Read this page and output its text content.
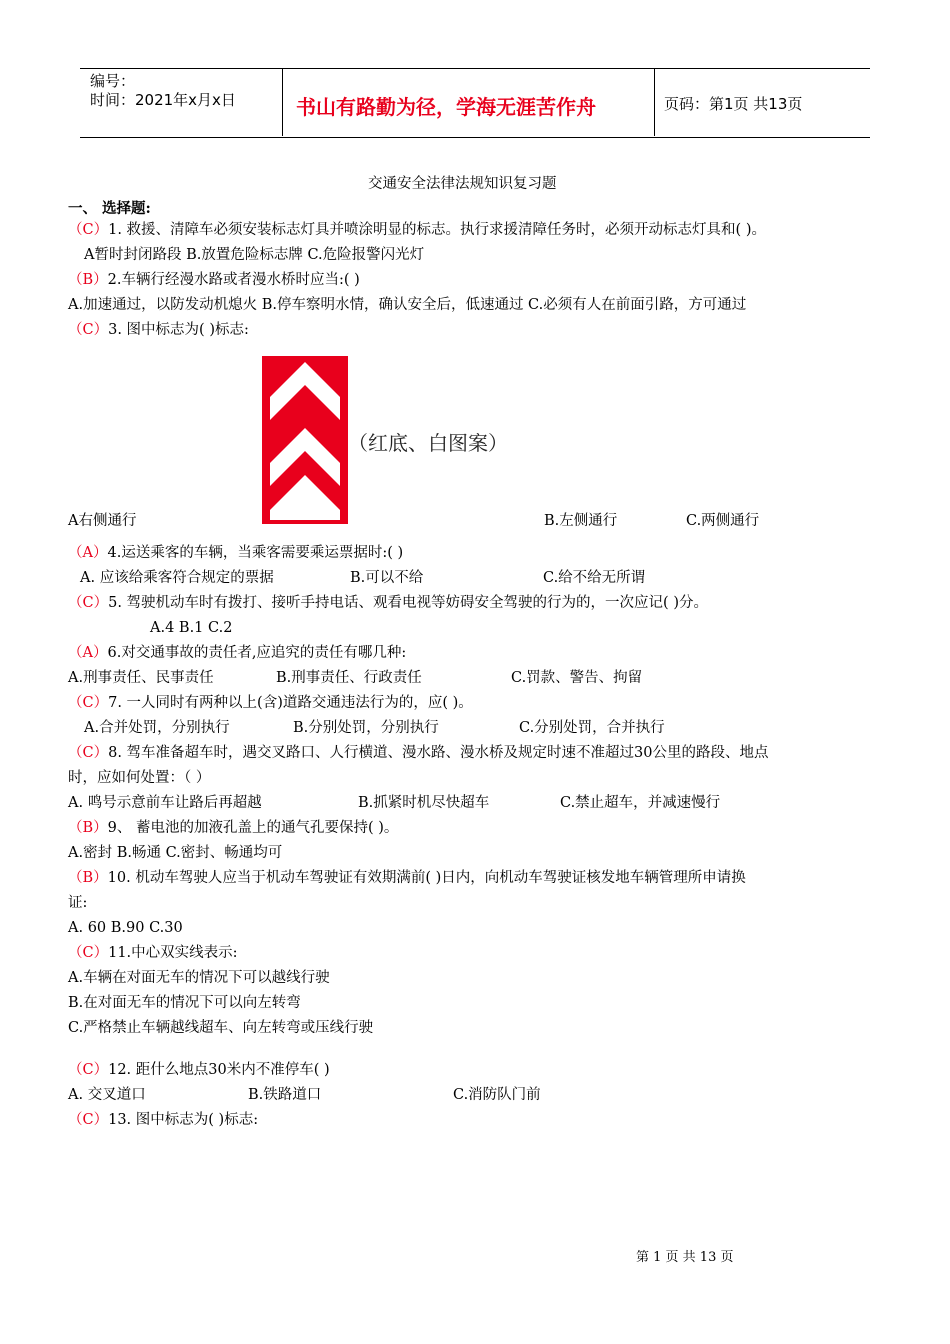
编号：
时间：2021年x月x日	书山有路勤为径，学海无涯苦作舟	页码：第1页 共13页
交通安全法律法规知识复习题
一、 选择题:
（C）1. 救援、清障车必须安装标志灯具并喷涂明显的标志。执行求援清障任务时，必须开动标志灯具和( )。
A暂时封闭路段 B.放置危险标志牌 C.危险报警闪光灯
（B）2.车辆行经漫水路或者漫水桥时应当:( )
A.加速通过，以防发动机熄火 B.停车察明水情，确认安全后，低速通过 C.必须有人在前面引路，方可通过
（C）3. 图中标志为( )标志:
（红底、白图案）
A右侧通行	B.左侧通行	C.两侧通行
（A）4.运送乘客的车辆，当乘客需要乘运票据时:( )
A. 应该给乘客符合规定的票据	B.可以不给	C.给不给无所谓
（C）5. 驾驶机动车时有拨打、接听手持电话、观看电视等妨碍安全驾驶的行为的，一次应记( )分。
A.4 B.1 C.2
（A）6.对交通事故的责任者,应追究的责任有哪几种:
A.刑事责任、民事责任	B.刑事责任、行政责任	C.罚款、警告、拘留
（C）7. 一人同时有两种以上(含)道路交通违法行为的，应( )。
A.合并处罚，分别执行	B.分别处罚，分别执行	C.分别处罚，合并执行
（C）8. 驾车准备超车时，遇交叉路口、人行横道、漫水路、漫水桥及规定时速不准超过30公里的路段、地点
时，应如何处置：（ ）
A. 鸣号示意前车让路后再超越	B.抓紧时机尽快超车	C.禁止超车，并减速慢行
（B）9、 蓄电池的加液孔盖上的通气孔要保持( )。
A.密封 B.畅通 C.密封、畅通均可
（B）10. 机动车驾驶人应当于机动车驾驶证有效期满前( )日内，向机动车驾驶证核发地车辆管理所申请换
证:
A. 60 B.90 C.30
（C）11.中心双实线表示:
A.车辆在对面无车的情况下可以越线行驶
B.在对面无车的情况下可以向左转弯
C.严格禁止车辆越线超车、向左转弯或压线行驶
（C）12. 距什么地点30米内不准停车( )
A. 交叉道口	B.铁路道口	C.消防队门前
（C）13. 图中标志为( )标志:
第 1 页 共 13 页
